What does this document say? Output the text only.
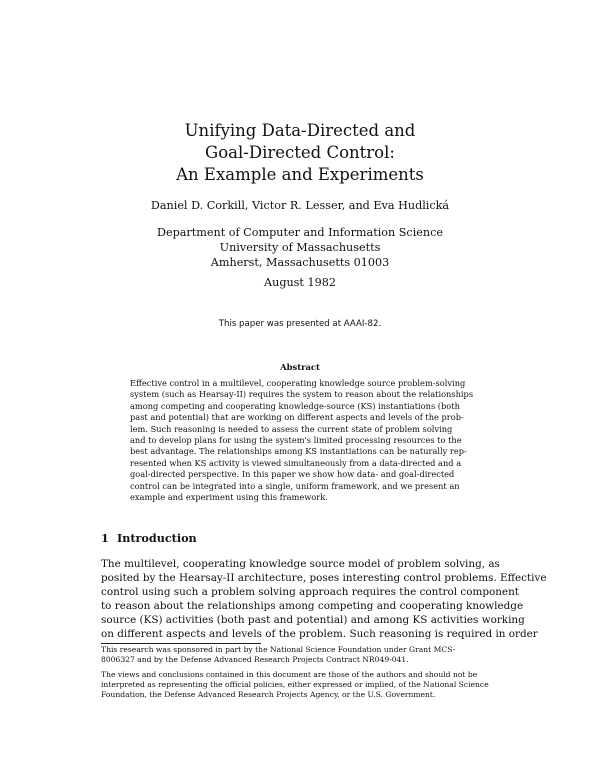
Unifying Data-Directed and
Goal-Directed Control:
An Example and Experiments
Daniel D. Corkill, Victor R. Lesser, and Eva Hudlická
Department of Computer and Information Science
University of Massachusetts
Amherst, Massachusetts 01003
August 1982
This paper was presented at AAAI-82.
Abstract
Effective control in a multilevel, cooperating knowledge source problem-solving
system (such as Hearsay-II) requires the system to reason about the relationships
among competing and cooperating knowledge-source (KS) instantiations (both
past and potential) that are working on different aspects and levels of the prob-
lem. Such reasoning is needed to assess the current state of problem solving
and to develop plans for using the system's limited processing resources to the
best advantage. The relationships among KS instantiations can be naturally rep-
resented when KS activity is viewed simultaneously from a data-directed and a
goal-directed perspective. In this paper we show how data- and goal-directed
control can be integrated into a single, uniform framework, and we present an
example and experiment using this framework.
1 Introduction
The multilevel, cooperating knowledge source model of problem solving, as
posited by the Hearsay-II architecture, poses interesting control problems. Effective
control using such a problem solving approach requires the control component
to reason about the relationships among competing and cooperating knowledge
source (KS) activities (both past and potential) and among KS activities working
on different aspects and levels of the problem. Such reasoning is required in order
This research was sponsored in part by the National Science Foundation under Grant MCS-
8006327 and by the Defense Advanced Research Projects Contract NR049-041.
The views and conclusions contained in this document are those of the authors and should not be
interpreted as representing the official policies, either expressed or implied, of the National Science
Foundation, the Defense Advanced Research Projects Agency, or the U.S. Government.
